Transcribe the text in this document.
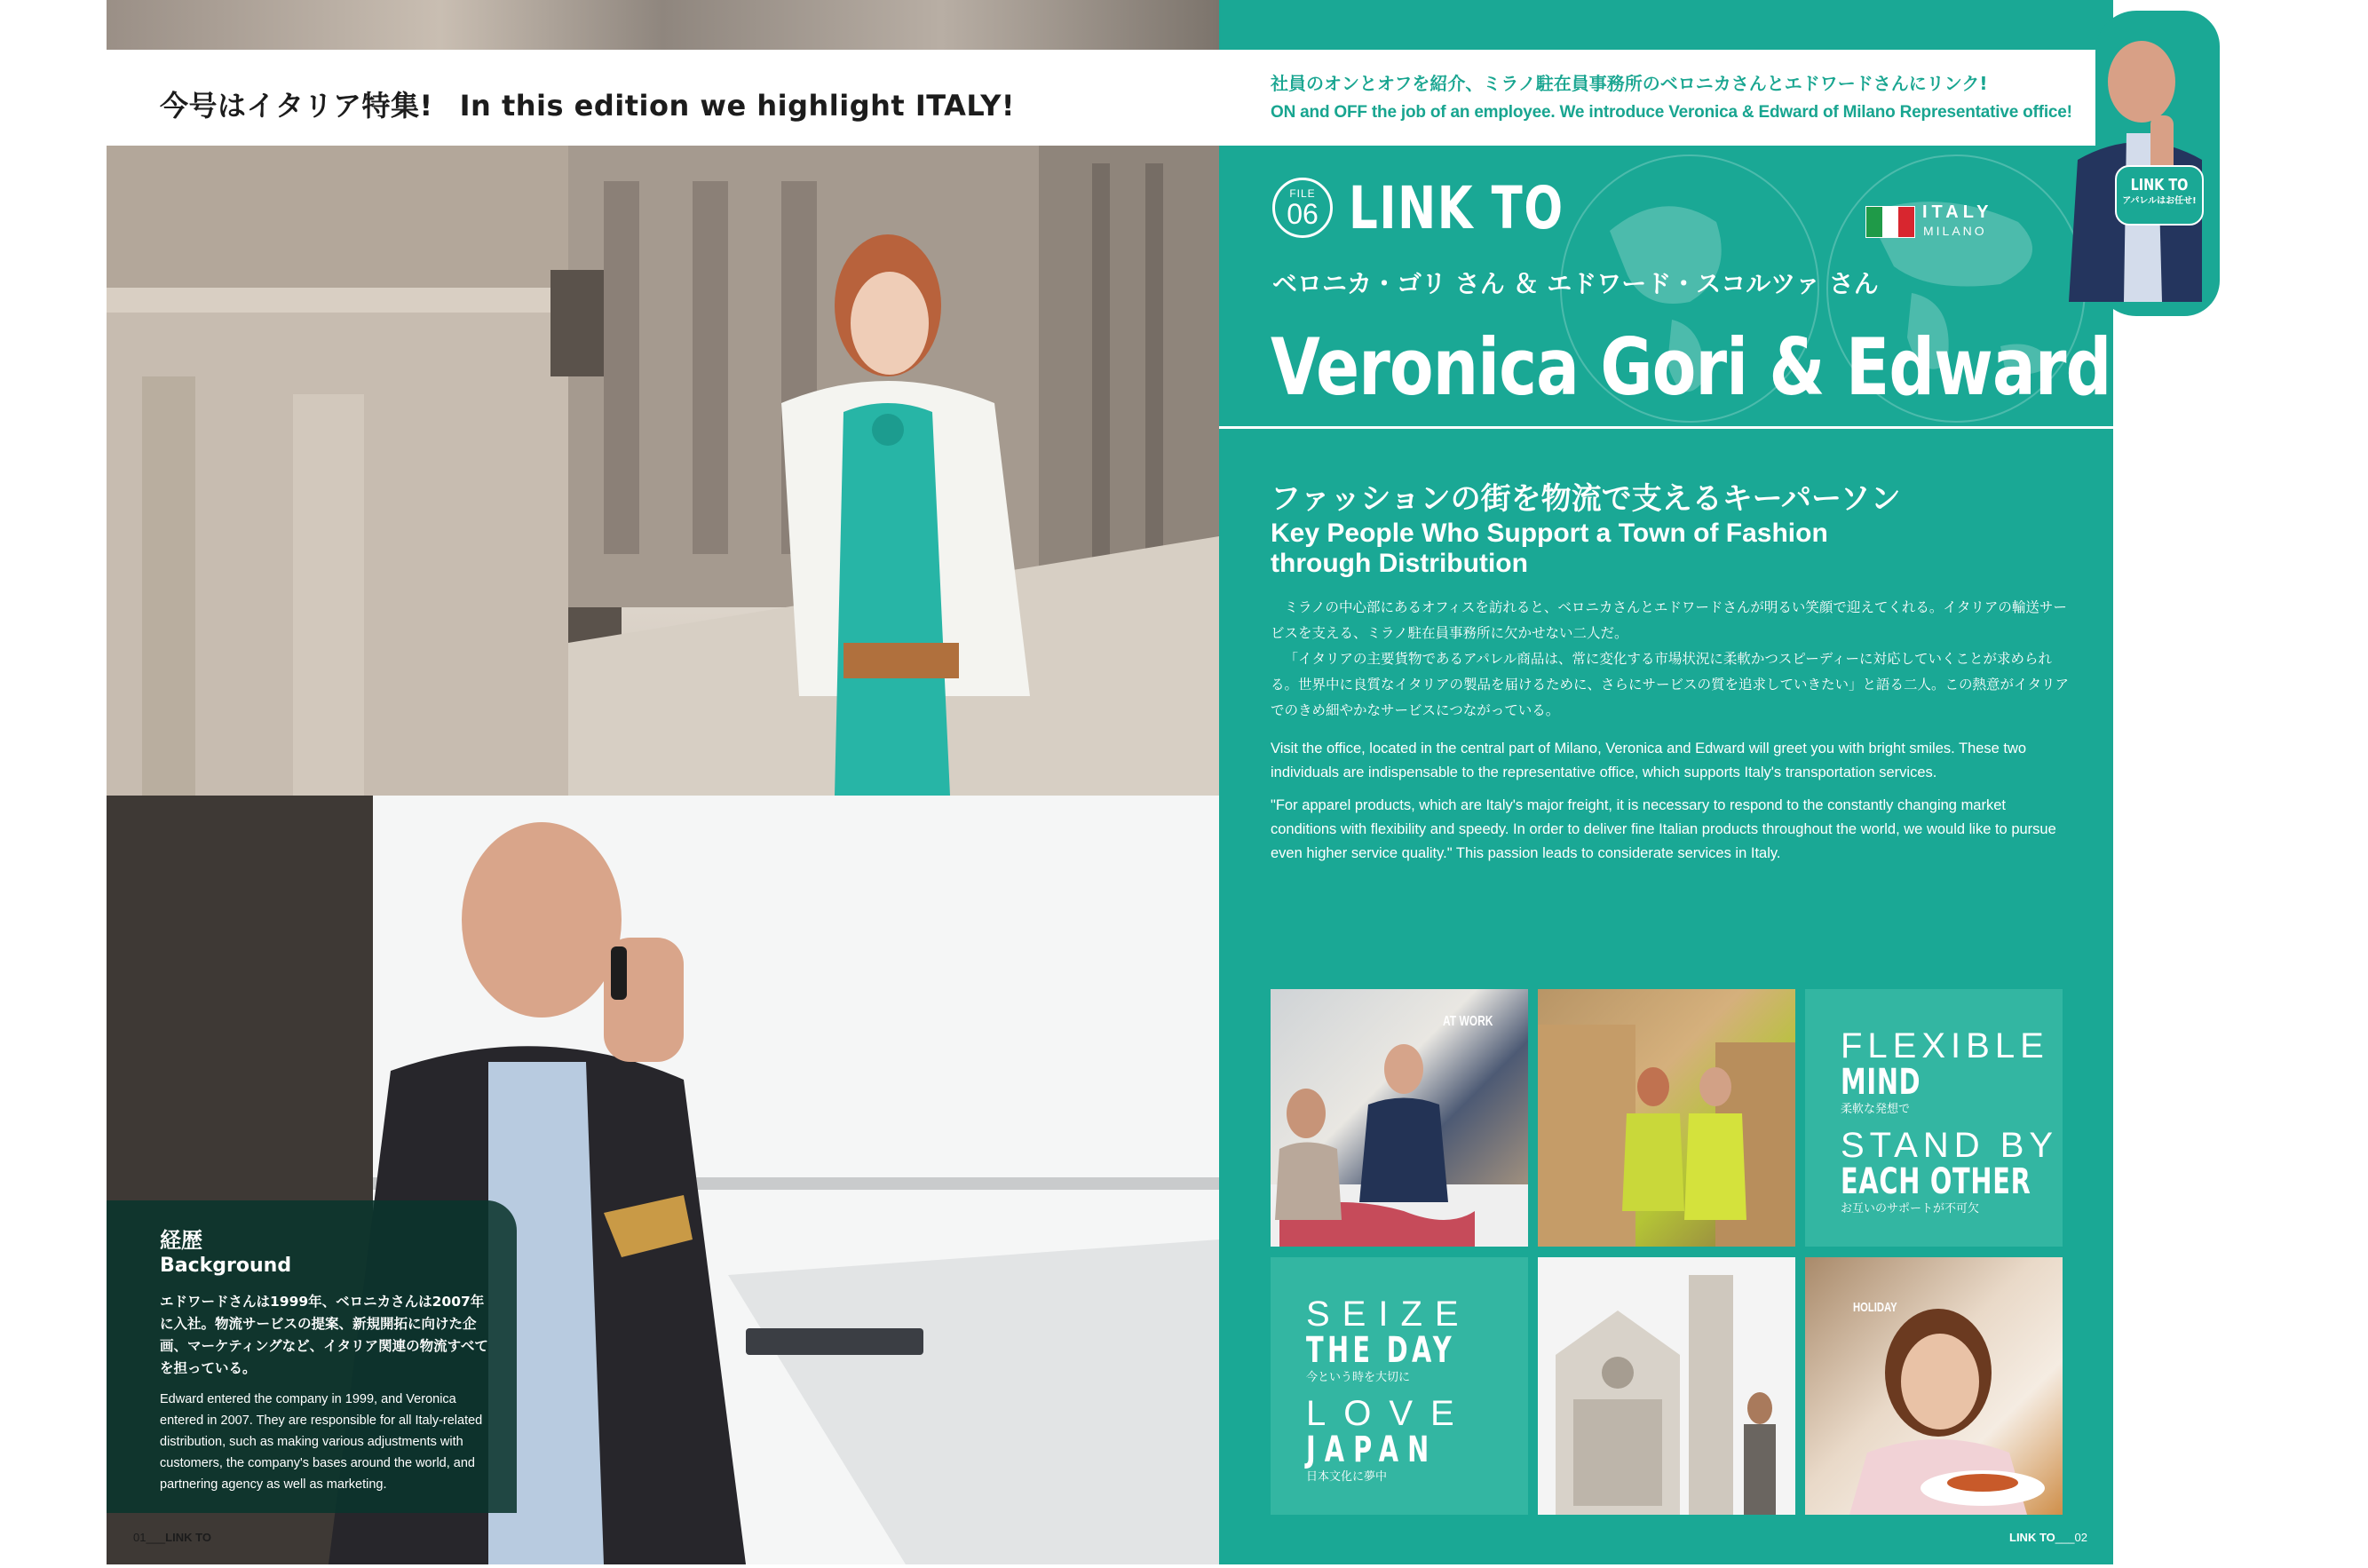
今号はイタリア特集! In this edition we highlight ITALY!
経歴
Background
エドワードさんは1999年、ベロニカさんは2007年に入社。物流サービスの提案、新規開拓に向けた企画、マーケティングなど、イタリア関連の物流すべてを担っている。
Edward entered the company in 1999, and Veronica entered in 2007. They are responsible for all Italy-related distribution, such as making various adjustments with customers, the company's bases around the world, and partnering agency as well as marketing.
01___LINK TO
社員のオンとオフを紹介、ミラノ駐在員事務所のベロニカさんとエドワードさんにリンク!
ON and OFF the job of an employee. We introduce Veronica & Edward of Milano Representative office!
FILE
06 LINK TO	ITALY
MILANO
ベロニカ・ゴリ さん ＆ エドワード・スコルツァ さん
Veronica Gori & Edward Scorza
ファッションの街を物流で支えるキーパーソン
Key People Who Support a Town of Fashion through Distribution

ミラノの中心部にあるオフィスを訪れると、ベロニカさんとエドワードさんが明るい笑顔で迎えてくれる。イタリアの輸送サービスを支える、ミラノ駐在員事務所に欠かせない二人だ。

「イタリアの主要貨物であるアパレル商品は、常に変化する市場状況に柔軟かつスピーディーに対応していくことが求められる。世界中に良質なイタリアの製品を届けるために、さらにサービスの質を追求していきたい」と語る二人。この熱意がイタリアでのきめ細やかなサービスにつながっている。

Visit the office, located in the central part of Milano, Veronica and Edward will greet you with bright smiles. These two individuals are indispensable to the representative office, which supports Italy's transportation services.

"For apparel products, which are Italy's major freight, it is necessary to respond to the constantly changing market conditions with flexibility and speedy. In order to deliver fine Italian products throughout the world, we would like to pursue even higher service quality." This passion leads to considerate services in Italy.

AT WORK
FLEXIBLE
MIND
柔軟な発想で
STAND BY
EACH OTHER
お互いのサポートが不可欠
SEIZE
THE DAY
今という時を大切に
LOVE
JAPAN
日本文化に夢中
HOLIDAY
LINK TO___02
LINK TO
アパレルはお任せ!
